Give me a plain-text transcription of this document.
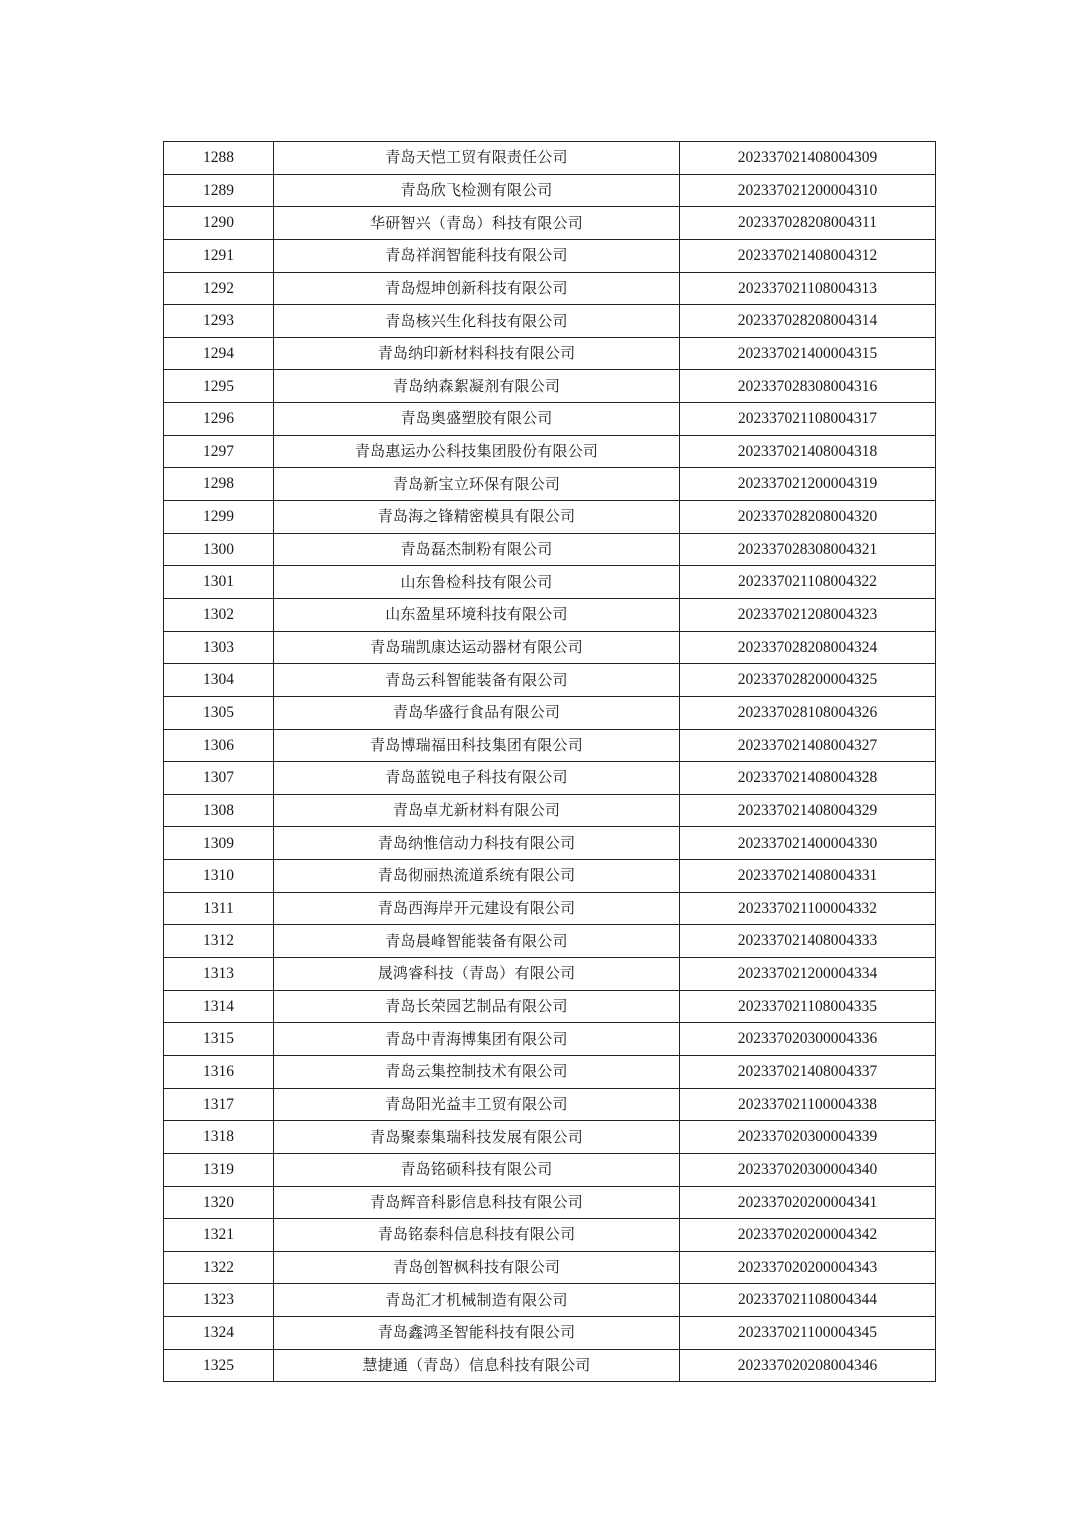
1288	青岛天恺工贸有限责任公司	202337021408004309
1289	青岛欣飞检测有限公司	202337021200004310
1290	华研智兴（青岛）科技有限公司	202337028208004311
1291	青岛祥润智能科技有限公司	202337021408004312
1292	青岛煜坤创新科技有限公司	202337021108004313
1293	青岛核兴生化科技有限公司	202337028208004314
1294	青岛纳印新材料科技有限公司	202337021400004315
1295	青岛纳森絮凝剂有限公司	202337028308004316
1296	青岛奥盛塑胶有限公司	202337021108004317
1297	青岛惠运办公科技集团股份有限公司	202337021408004318
1298	青岛新宝立环保有限公司	202337021200004319
1299	青岛海之锋精密模具有限公司	202337028208004320
1300	青岛磊杰制粉有限公司	202337028308004321
1301	山东鲁检科技有限公司	202337021108004322
1302	山东盈星环境科技有限公司	202337021208004323
1303	青岛瑞凯康达运动器材有限公司	202337028208004324
1304	青岛云科智能装备有限公司	202337028200004325
1305	青岛华盛行食品有限公司	202337028108004326
1306	青岛博瑞福田科技集团有限公司	202337021408004327
1307	青岛蓝锐电子科技有限公司	202337021408004328
1308	青岛卓尤新材料有限公司	202337021408004329
1309	青岛纳惟信动力科技有限公司	202337021400004330
1310	青岛彻丽热流道系统有限公司	202337021408004331
1311	青岛西海岸开元建设有限公司	202337021100004332
1312	青岛晨峰智能装备有限公司	202337021408004333
1313	晟鸿睿科技（青岛）有限公司	202337021200004334
1314	青岛长荣园艺制品有限公司	202337021108004335
1315	青岛中青海博集团有限公司	202337020300004336
1316	青岛云集控制技术有限公司	202337021408004337
1317	青岛阳光益丰工贸有限公司	202337021100004338
1318	青岛聚泰集瑞科技发展有限公司	202337020300004339
1319	青岛铭硕科技有限公司	202337020300004340
1320	青岛辉音科影信息科技有限公司	202337020200004341
1321	青岛铭泰科信息科技有限公司	202337020200004342
1322	青岛创智枫科技有限公司	202337020200004343
1323	青岛汇才机械制造有限公司	202337021108004344
1324	青岛鑫鸿圣智能科技有限公司	202337021100004345
1325	慧捷通（青岛）信息科技有限公司	202337020208004346
